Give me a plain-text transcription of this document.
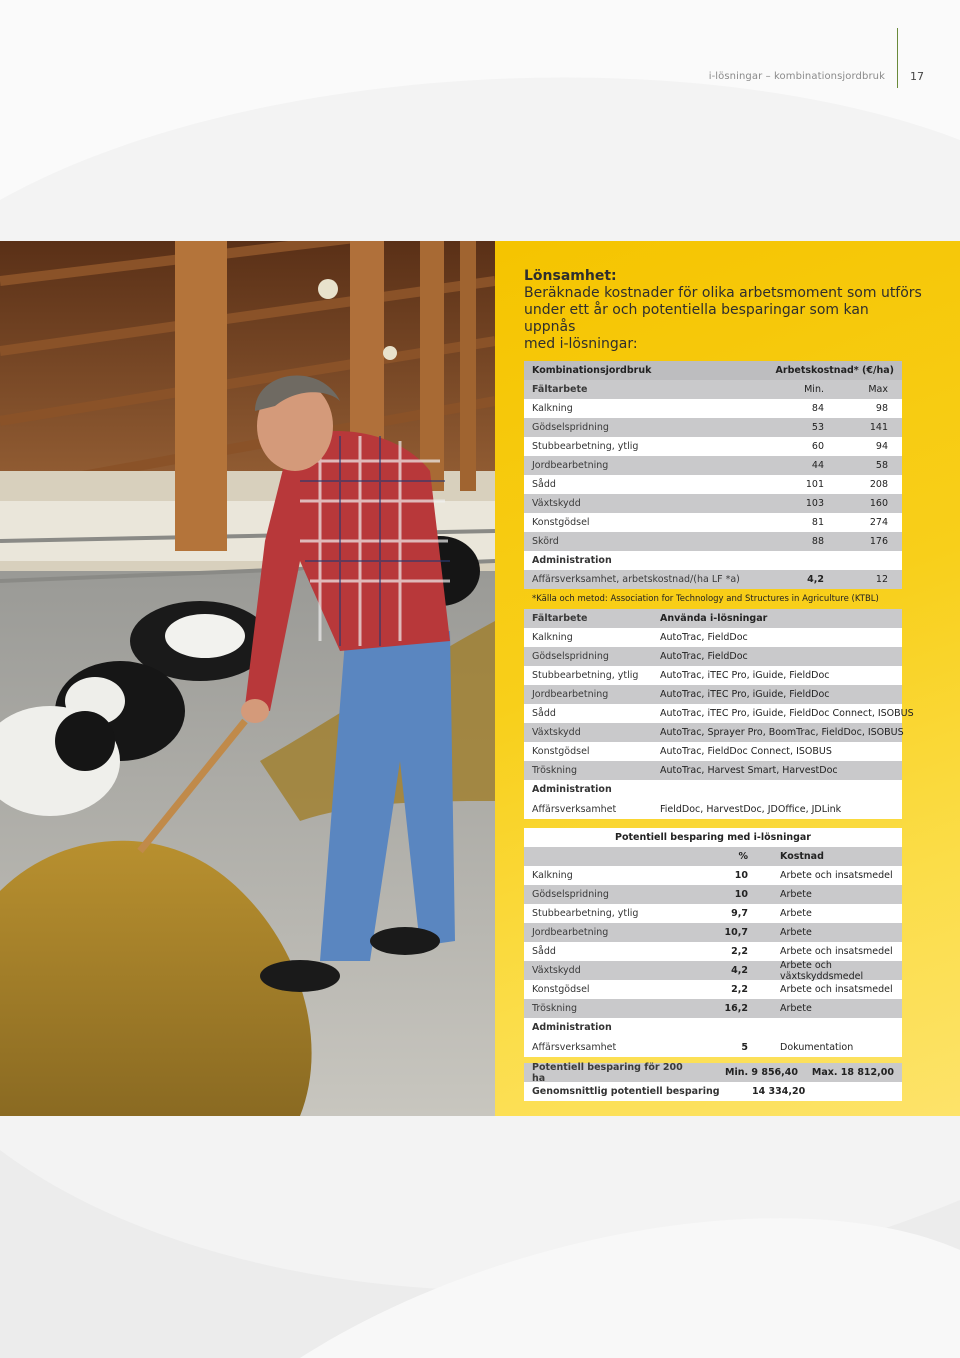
i-lösningar – kombinationsjordbruk 17
Lönsamhet:
Beräknade kostnader för olika arbetsmoment som utförs
under ett år och potentiella besparingar som kan uppnås
med i-lösningar:
Kombinationsjordbruk	Arbetskostnad* (€/ha)
Fältarbete	Min.	Max
Kalkning	84	98
Gödselspridning	53	141
Stubbearbetning, ytlig	60	94
Jordbearbetning	44	58
Sådd	101	208
Växtskydd	103	160
Konstgödsel	81	274
Skörd	88	176
Administration
Affärsverksamhet, arbetskostnad/(ha LF *a)	4,2	12
*Källa och metod: Association for Technology and Structures in Agriculture (KTBL)
Fältarbete	Använda i-lösningar
Kalkning	AutoTrac, FieldDoc
Gödselspridning	AutoTrac, FieldDoc
Stubbearbetning, ytlig	AutoTrac, iTEC Pro, iGuide, FieldDoc
Jordbearbetning	AutoTrac, iTEC Pro, iGuide, FieldDoc
Sådd	AutoTrac, iTEC Pro, iGuide, FieldDoc Connect, ISOBUS
Växtskydd	AutoTrac, Sprayer Pro, BoomTrac, FieldDoc, ISOBUS
Konstgödsel	AutoTrac, FieldDoc Connect, ISOBUS
Tröskning	AutoTrac, Harvest Smart, HarvestDoc
Administration
Affärsverksamhet	FieldDoc, HarvestDoc, JDOffice, JDLink
Potentiell besparing med i-lösningar
%	Kostnad
Kalkning	10	Arbete och insatsmedel
Gödselspridning	10	Arbete
Stubbearbetning, ytlig	9,7	Arbete
Jordbearbetning	10,7	Arbete
Sådd	2,2	Arbete och insatsmedel
Växtskydd	4,2	Arbete och växtskyddsmedel
Konstgödsel	2,2	Arbete och insatsmedel
Tröskning	16,2	Arbete
Administration
Affärsverksamhet	5	Dokumentation
Potentiell besparing för 200 ha	Min. 9 856,40	Max. 18 812,00
Genomsnittlig potentiell besparing	14 334,20
